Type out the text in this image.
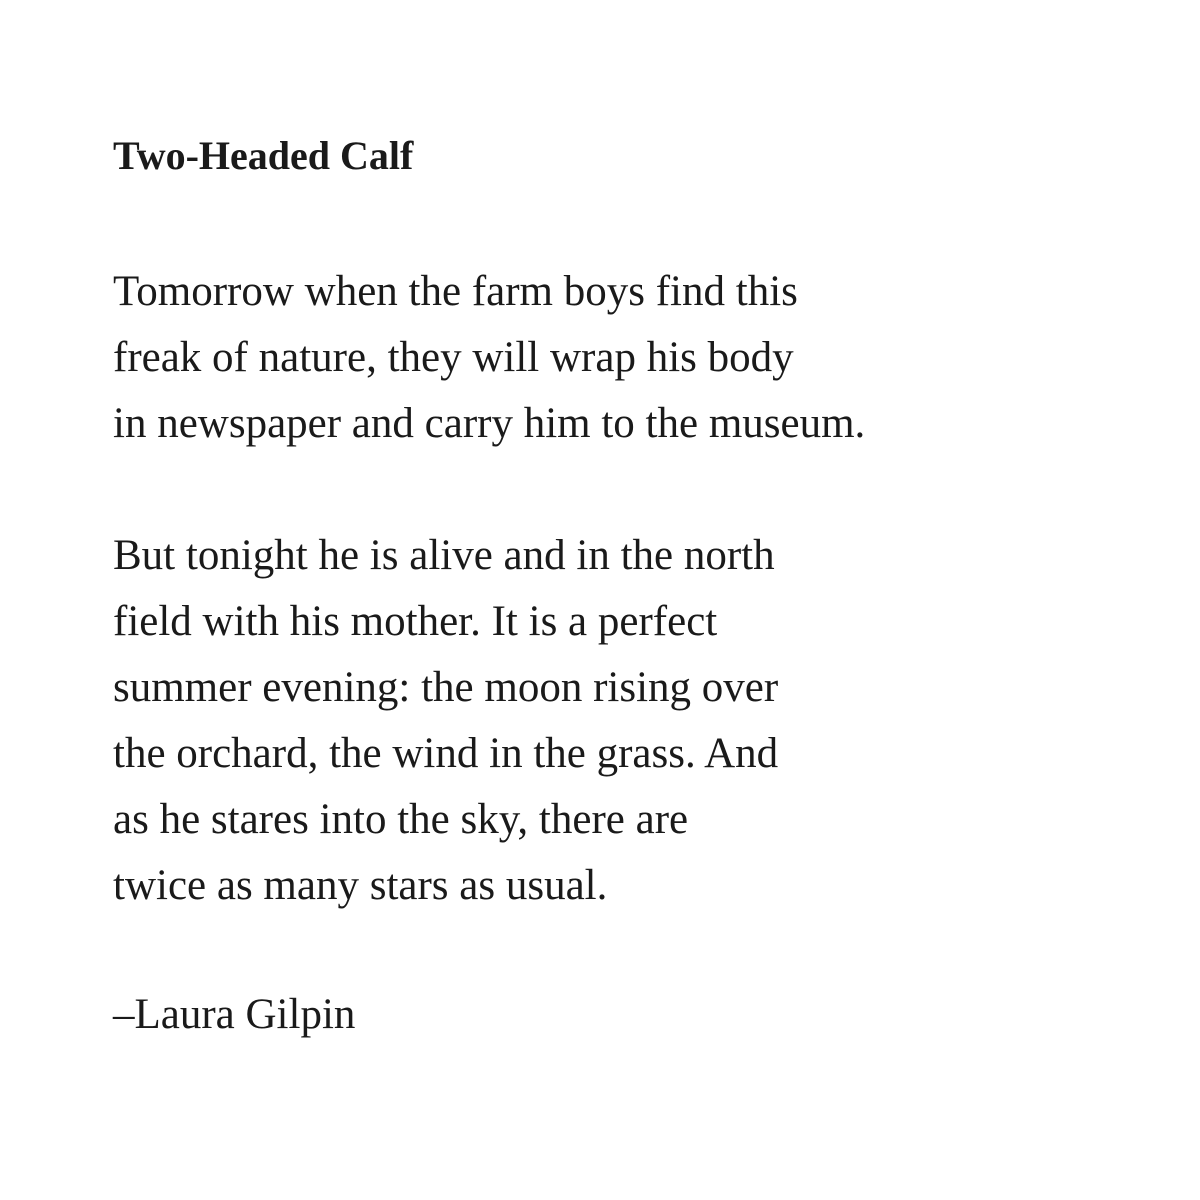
Two-Headed Calf
Tomorrow when the farm boys find this
freak of nature, they will wrap his body
in newspaper and carry him to the museum.
But tonight he is alive and in the north
field with his mother. It is a perfect
summer evening: the moon rising over
the orchard, the wind in the grass. And
as he stares into the sky, there are
twice as many stars as usual.

–Laura Gilpin
